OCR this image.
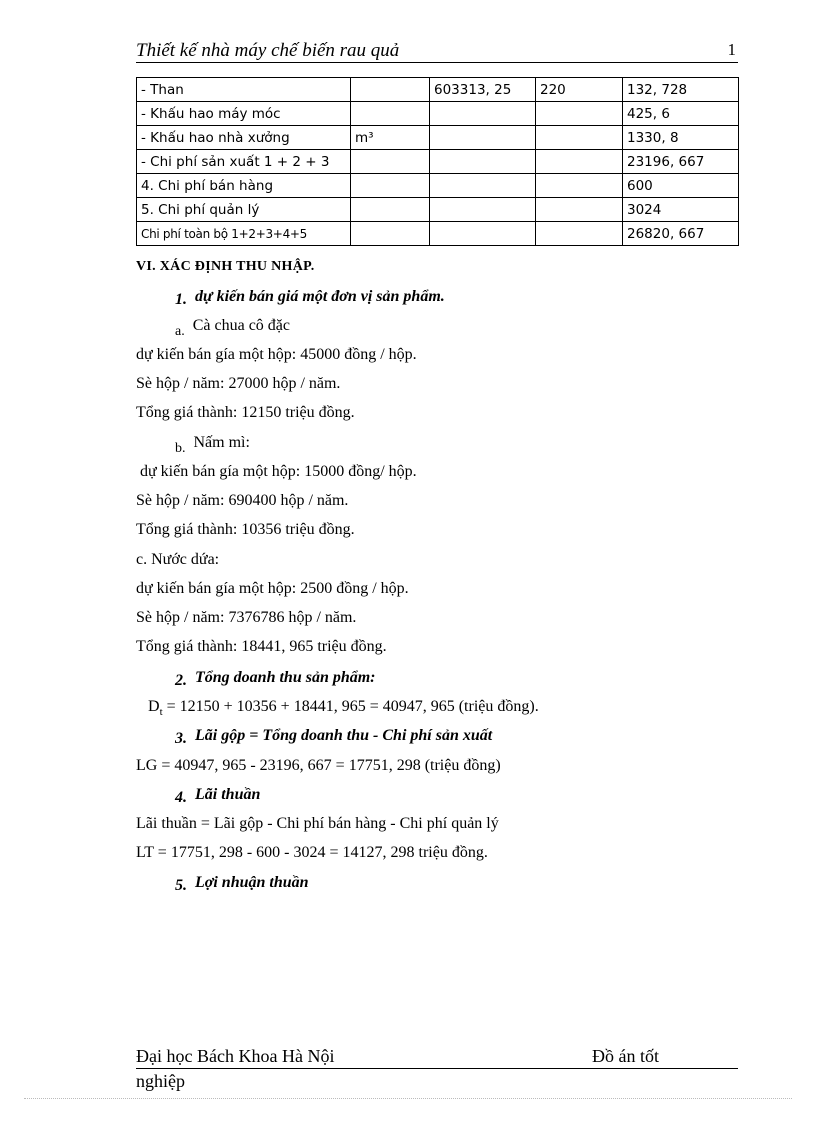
Thiết kế nhà máy chế biến rau quả	1
- Than		603313, 25	220	132, 728
- Khấu hao máy móc				425, 6
- Khấu hao nhà xưởng	m³			1330, 8
- Chi phí sản xuất 1 + 2 + 3				23196, 667
4. Chi phí bán hàng				600
5. Chi phí quản lý				3024
Chi phí toàn bộ 1+2+3+4+5				26820, 667
VI. XÁC ĐỊNH THU NHẬP.
1. dự kiến bán giá một đơn vị sản phẩm.
a. Cà chua cô đặc
dự kiến bán gía một hộp: 45000 đồng / hộp.
Sè hộp / năm: 27000 hộp / năm.
Tổng giá thành: 12150 triệu đồng.
b. Nấm mì:
dự kiến bán gía một hộp: 15000 đồng/ hộp.
Sè hộp / năm: 690400 hộp / năm.
Tổng giá thành: 10356 triệu đồng.
c. Nước dứa:
dự kiến bán gía một hộp: 2500 đồng / hộp.
Sè hộp / năm: 7376786 hộp / năm.
Tổng giá thành: 18441, 965 triệu đồng.
2. Tổng doanh thu sản phẩm:
$D_t = 12150 + 10356 + 18441$, 965 = 40947, 965 (triệu đồng).
3. Lãi gộp = Tổng doanh thu - Chi phí sản xuất
LG = 40947, 965 - 23196, 667 = 17751, 298 (triệu đồng)
4. Lãi thuần
Lãi thuần = Lãi gộp - Chi phí bán hàng - Chi phí quản lý
LT = 17751, 298 - 600 - 3024 = 14127, 298 triệu đồng.
5. Lợi nhuận thuần
Đại học Bách Khoa Hà Nội	Đồ án tốt
nghiệp
